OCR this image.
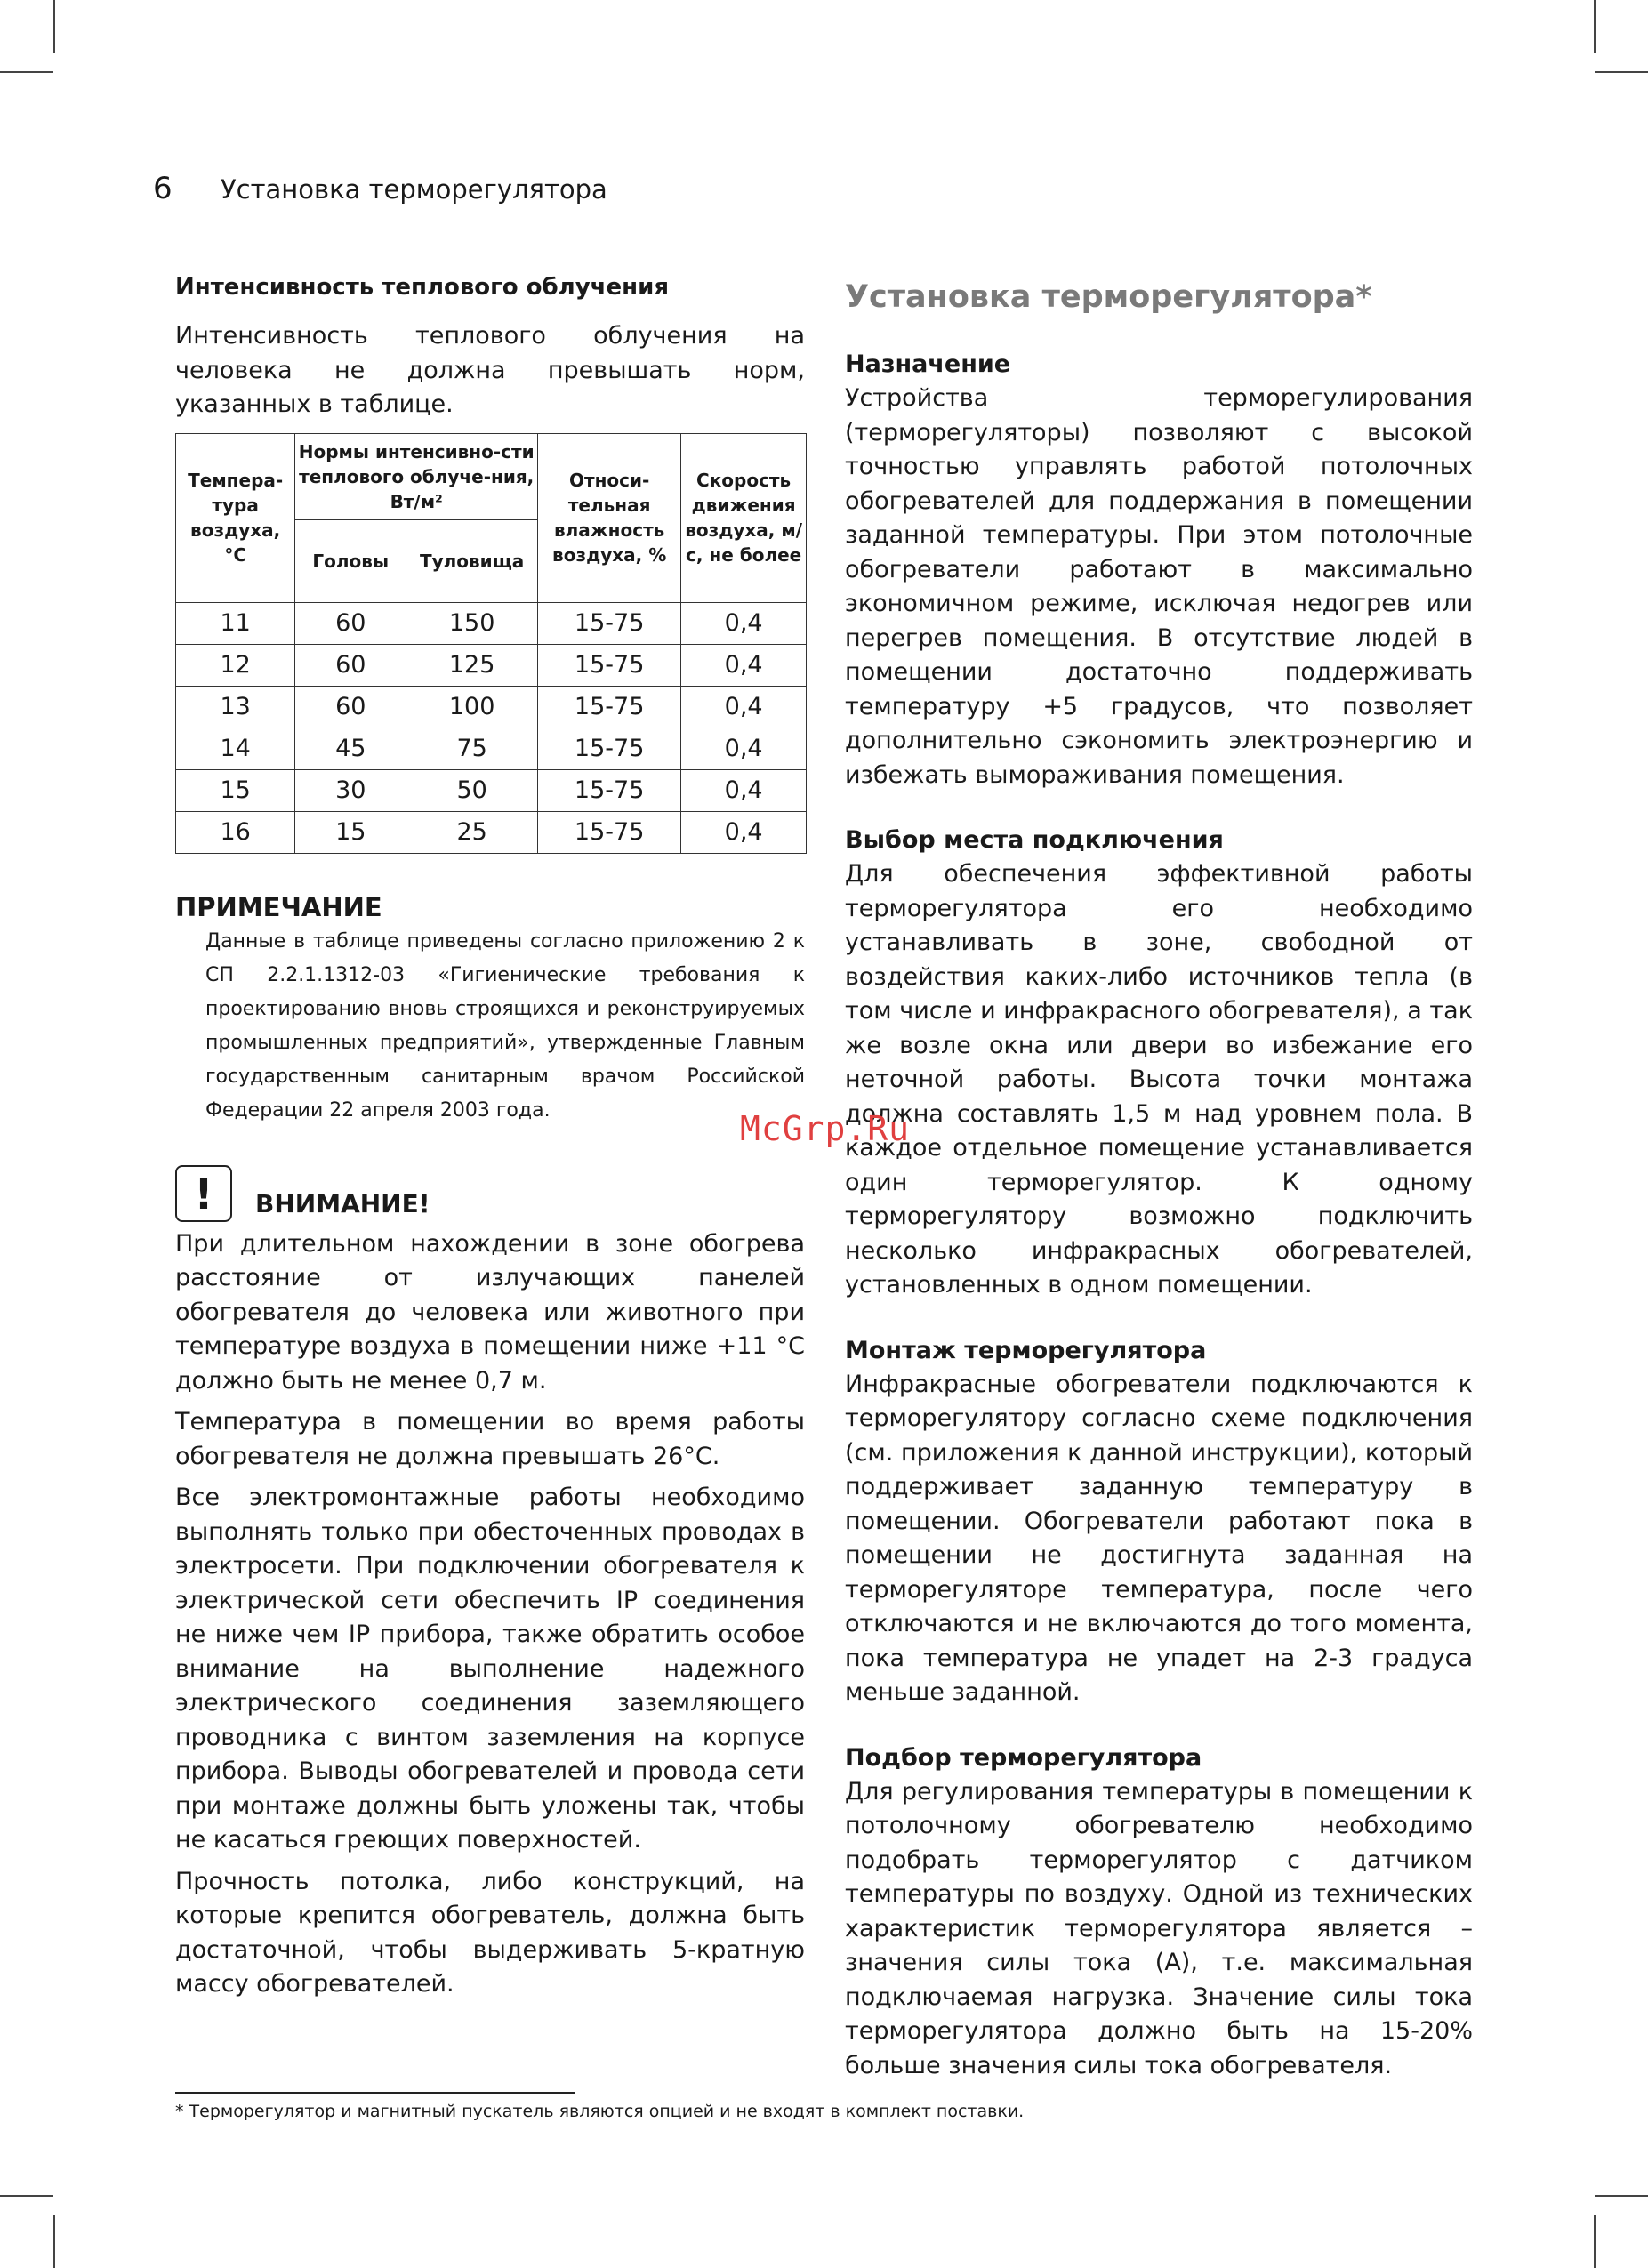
6 Установка терморегулятора

Интенсивность теплового облучения

Интенсивность теплового облучения на человека не должна превышать норм, указанных в таблице.

Темпера-тура воздуха, °С	Нормы интенсивно-сти теплового облуче-ния, Вт/м²		Относи-тельная влажность воздуха, %	Скорость движения воздуха, м/с, не более
	Головы	Туловища		
11	60	150	15-75	0,4
12	60	125	15-75	0,4
13	60	100	15-75	0,4
14	45	75	15-75	0,4
15	30	50	15-75	0,4
16	15	25	15-75	0,4
ПРИМЕЧАНИЕ

Данные в таблице приведены согласно приложению 2 к СП 2.2.1.1312-03 «Гигиенические требования к проектированию вновь строящихся и реконструируемых промышленных предприятий», утвержденные Главным государственным санитарным врачом Российской Федерации 22 апреля 2003 года.

!	ВНИМАНИЕ!

При длительном нахождении в зоне обогрева расстояние от излучающих панелей обогревателя до человека или животного при температуре воздуха в помещении ниже +11 °С должно быть не менее 0,7 м.

Температура в помещении во время работы обогревателя не должна превышать 26°С.

Все электромонтажные работы необходимо выполнять только при обесточенных проводах в электросети. При подключении обогревателя к электрической сети обеспечить IP соединения не ниже чем IP прибора, также обратить особое внимание на выполнение надежного электрического соединения заземляющего проводника с винтом заземления на корпусе прибора. Выводы обогревателей и провода сети при монтаже должны быть уложены так, чтобы не касаться греющих поверхностей.

Прочность потолка, либо конструкций, на которые крепится обогреватель, должна быть достаточной, чтобы выдерживать 5-кратную массу обогревателей.

Установка терморегулятора*

Назначение

Устройства терморегулирования (терморегуляторы) позволяют с высокой точностью управлять работой потолочных обогревателей для поддержания в помещении заданной температуры. При этом потолочные обогреватели работают в максимально экономичном режиме, исключая недогрев или перегрев помещения. В отсутствие людей в помещении достаточно поддерживать температуру +5 градусов, что позволяет дополнительно сэкономить электроэнергию и избежать вымораживания помещения.

Выбор места подключения

Для обеспечения эффективной работы терморегулятора его необходимо устанавливать в зоне, свободной от воздействия каких-либо источников тепла (в том числе и инфракрасного обогревателя), а так же возле окна или двери во избежание его неточной работы. Высота точки монтажа должна составлять 1,5 м над уровнем пола. В каждое отдельное помещение устанавливается один терморегулятор. К одному терморегулятору возможно подключить несколько инфракрасных обогревателей, установленных в одном помещении.

Монтаж терморегулятора

Инфракрасные обогреватели подключаются к терморегулятору согласно схеме подключения (см. приложения к данной инструкции), который поддерживает заданную температуру в помещении. Обогреватели работают пока в помещении не достигнута заданная на терморегуляторе температура, после чего отключаются и не включаются до того момента, пока температура не упадет на 2-3 градуса меньше заданной.

Подбор терморегулятора

Для регулирования температуры в помещении к потолочному обогревателю необходимо подобрать терморегулятор с датчиком температуры по воздуху. Одной из технических характеристик терморегулятора является – значения силы тока (А), т.е. максимальная подключаемая нагрузка. Значение силы тока терморегулятора должно быть на 15-20% больше значения силы тока обогревателя.

McGrp.Ru
* Терморегулятор и магнитный пускатель являются опцией и не входят в комплект поставки.
